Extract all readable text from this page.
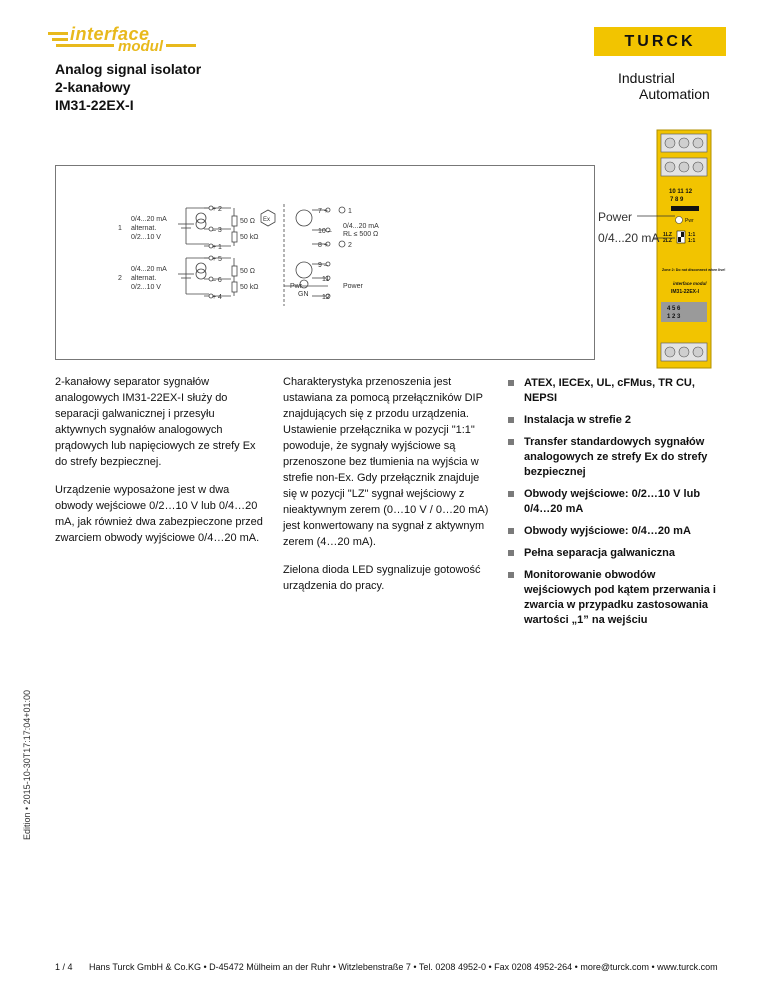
interface
modul	TURCK
Industrial
Automation
Analog signal isolator
2-kanałowy
IM31-22EX-I
0/4...20 mA
alternat.
0/2...10 V
1
0/4...20 mA
alternat.
0/2...10 V
2
+ 2
– 3
+ 1
+ 5
– 6
+ 4
50 Ω
50 kΩ
50 Ω
50 kΩ
Ex
7 +
10 –
8 +
9 –
11
12
1
2
0/4...20 mA
RL ≤ 500 Ω
Pwr
GN
Power
10 11 12
7 8 9
Pwr
1LZ
2LZ
1:1
1:1
Zone 2: Do not disconnect when live!
interface modul
IM31-22EX-I
4 5 6
1 2 3
Power
0/4...20 mA

2-kanałowy separator sygnałów analogowych IM31-22EX-I służy do separacji galwanicznej i przesyłu aktywnych sygnałów analogowych prądowych lub napięciowych ze strefy Ex do strefy bezpiecznej.

Urządzenie wyposażone jest w dwa obwody wejściowe 0/2…10 V lub 0/4…20 mA, jak również dwa zabezpieczone przed zwarciem obwody wyjściowe 0/4…20 mA.

Charakterystyka przenoszenia jest ustawiana za pomocą przełączników DIP znajdujących się z przodu urządzenia. Ustawienie przełącznika w pozycji "1:1" powoduje, że sygnały wyjściowe są przenoszone bez tłumienia na wyjścia w strefie non-Ex. Gdy przełącznik znajduje się w pozycji "LZ" sygnał wejściowy z nieaktywnym zerem (0…10 V / 0…20 mA) jest konwertowany na sygnał z aktywnym zerem (4…20 mA).

Zielona dioda LED sygnalizuje gotowość urządzenia do pracy.

ATEX, IECEx, UL, cFMus, TR CU, NEPSI
Instalacja w strefie 2
Transfer standardowych sygnałów analogowych ze strefy Ex do strefy bezpiecznej
Obwody wejściowe: 0/2…10 V lub 0/4…20 mA
Obwody wyjściowe: 0/4…20 mA
Pełna separacja galwaniczna
Monitorowanie obwodów wejściowych pod kątem przerwania i zwarcia w przypadku zastosowania wartości „1” na wejściu
Edition • 2015-10-30T17:17:04+01:00
1 / 4 Hans Turck GmbH & Co.KG • D-45472 Mülheim an der Ruhr • Witzlebenstraße 7 • Tel. 0208 4952-0 • Fax 0208 4952-264 • more@turck.com • www.turck.com
